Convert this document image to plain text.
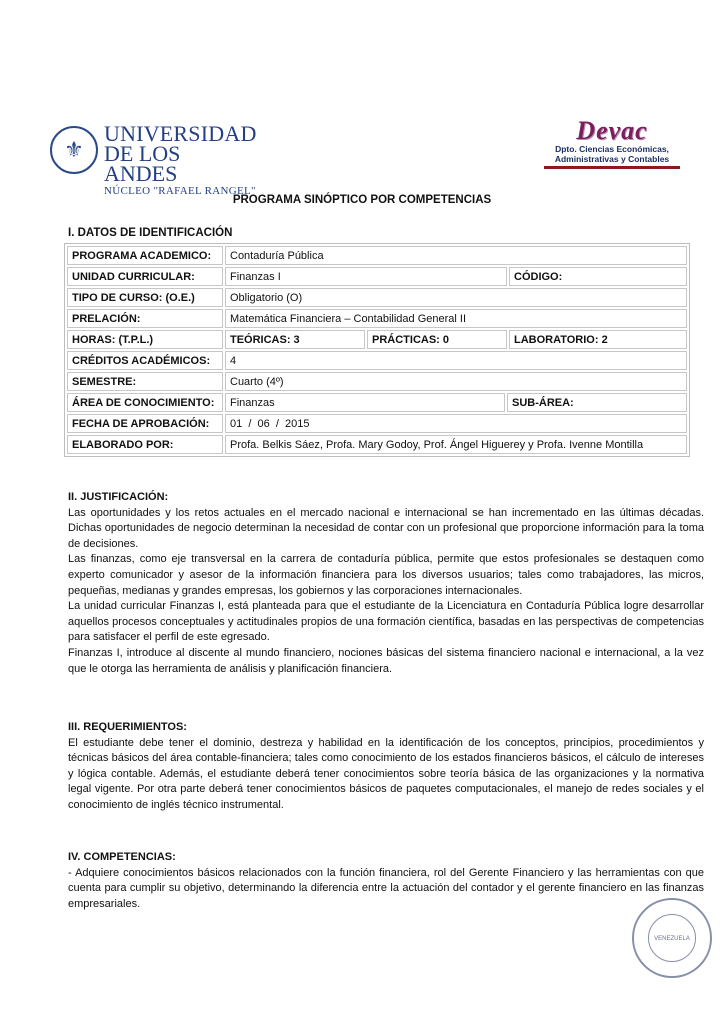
⚜
UNIVERSIDAD
DE LOS ANDES
NÚCLEO "RAFAEL RANGEL"
Devac
Dpto. Ciencias Económicas,
Administrativas y Contables
PROGRAMA SINÓPTICO POR COMPETENCIAS
I. DATOS DE IDENTIFICACIÓN
PROGRAMA ACADEMICO:	Contaduría Pública			
UNIDAD CURRICULAR:	Finanzas I			CÓDIGO:
TIPO DE CURSO: (O.E.)	Obligatorio (O)			
PRELACIÓN:	Matemática Financiera – Contabilidad General II			
HORAS: (T.P.L.)	TEÓRICAS: 3	PRÁCTICAS: 0		LABORATORIO: 2
CRÉDITOS ACADÉMICOS:	4			
SEMESTRE:	Cuarto (4º)			
ÁREA DE CONOCIMIENTO:	Finanzas		SUB-ÁREA:	
FECHA DE APROBACIÓN:	01  /  06  /  2015			
ELABORADO POR:	Profa. Belkis Sáez, Profa. Mary Godoy, Prof. Ángel Higuerey y Profa. Ivenne Montilla			
II. JUSTIFICACIÓN:

Las oportunidades y los retos actuales en el mercado nacional e internacional se han incrementado en las últimas décadas. Dichas oportunidades de negocio determinan la necesidad de contar con un profesional que proporcione información para la toma de decisiones.

Las finanzas, como eje transversal en la carrera de contaduría pública, permite que estos profesionales se destaquen como experto comunicador y asesor de la información financiera para los diversos usuarios; tales como trabajadores, las micros, pequeñas, medianas y grandes empresas, los gobiernos y las corporaciones internacionales.

La unidad curricular Finanzas I, está planteada para que el estudiante de la Licenciatura en Contaduría Pública logre desarrollar aquellos procesos conceptuales y actitudinales propios de una formación científica, basadas en las perspectivas de competencias para satisfacer el perfil de este egresado.

Finanzas I, introduce al discente al mundo financiero, nociones básicas del sistema financiero nacional e internacional, a la vez que le otorga las herramienta de análisis y planificación financiera.

III. REQUERIMIENTOS:

El estudiante debe tener el dominio, destreza y habilidad en la identificación de los conceptos, principios, procedimientos y técnicas básicos del área contable-financiera; tales como conocimiento de los estados financieros básicos, el cálculo de intereses y lógica contable. Además, el estudiante deberá tener conocimientos sobre teoría básica de las organizaciones y la normativa legal vigente. Por otra parte deberá tener conocimientos básicos de paquetes computacionales, el manejo de redes sociales y el conocimiento de inglés técnico instrumental.

IV. COMPETENCIAS:

- Adquiere conocimientos básicos relacionados con la función financiera, rol del Gerente Financiero y las herramientas con que cuenta para cumplir su objetivo, determinando la diferencia entre la actuación del contador y el gerente financiero en las finanzas empresariales.

VENEZUELA
